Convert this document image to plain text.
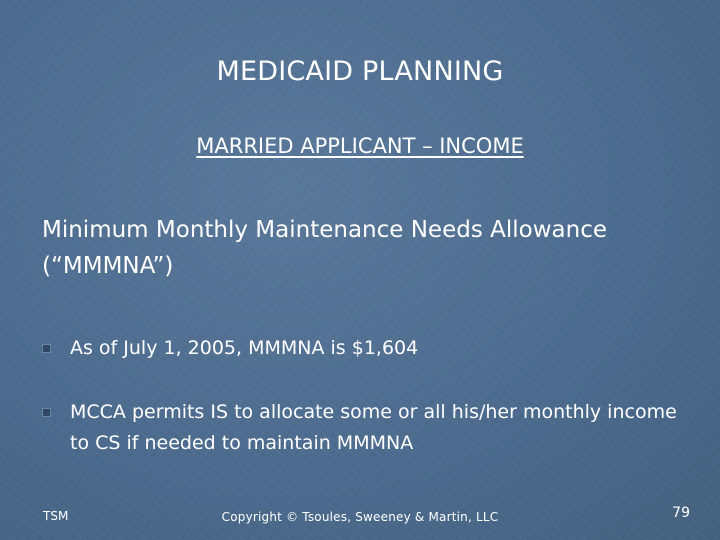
MEDICAID PLANNING
MARRIED APPLICANT – INCOME
Minimum Monthly Maintenance Needs Allowance
(“MMMNA”)
As of July 1, 2005, MMMNA is $1,604
MCCA permits IS to allocate some or all his/her monthly income to CS if needed to maintain MMMNA
TSM	Copyright © Tsoules, Sweeney & Martin, LLC	79
